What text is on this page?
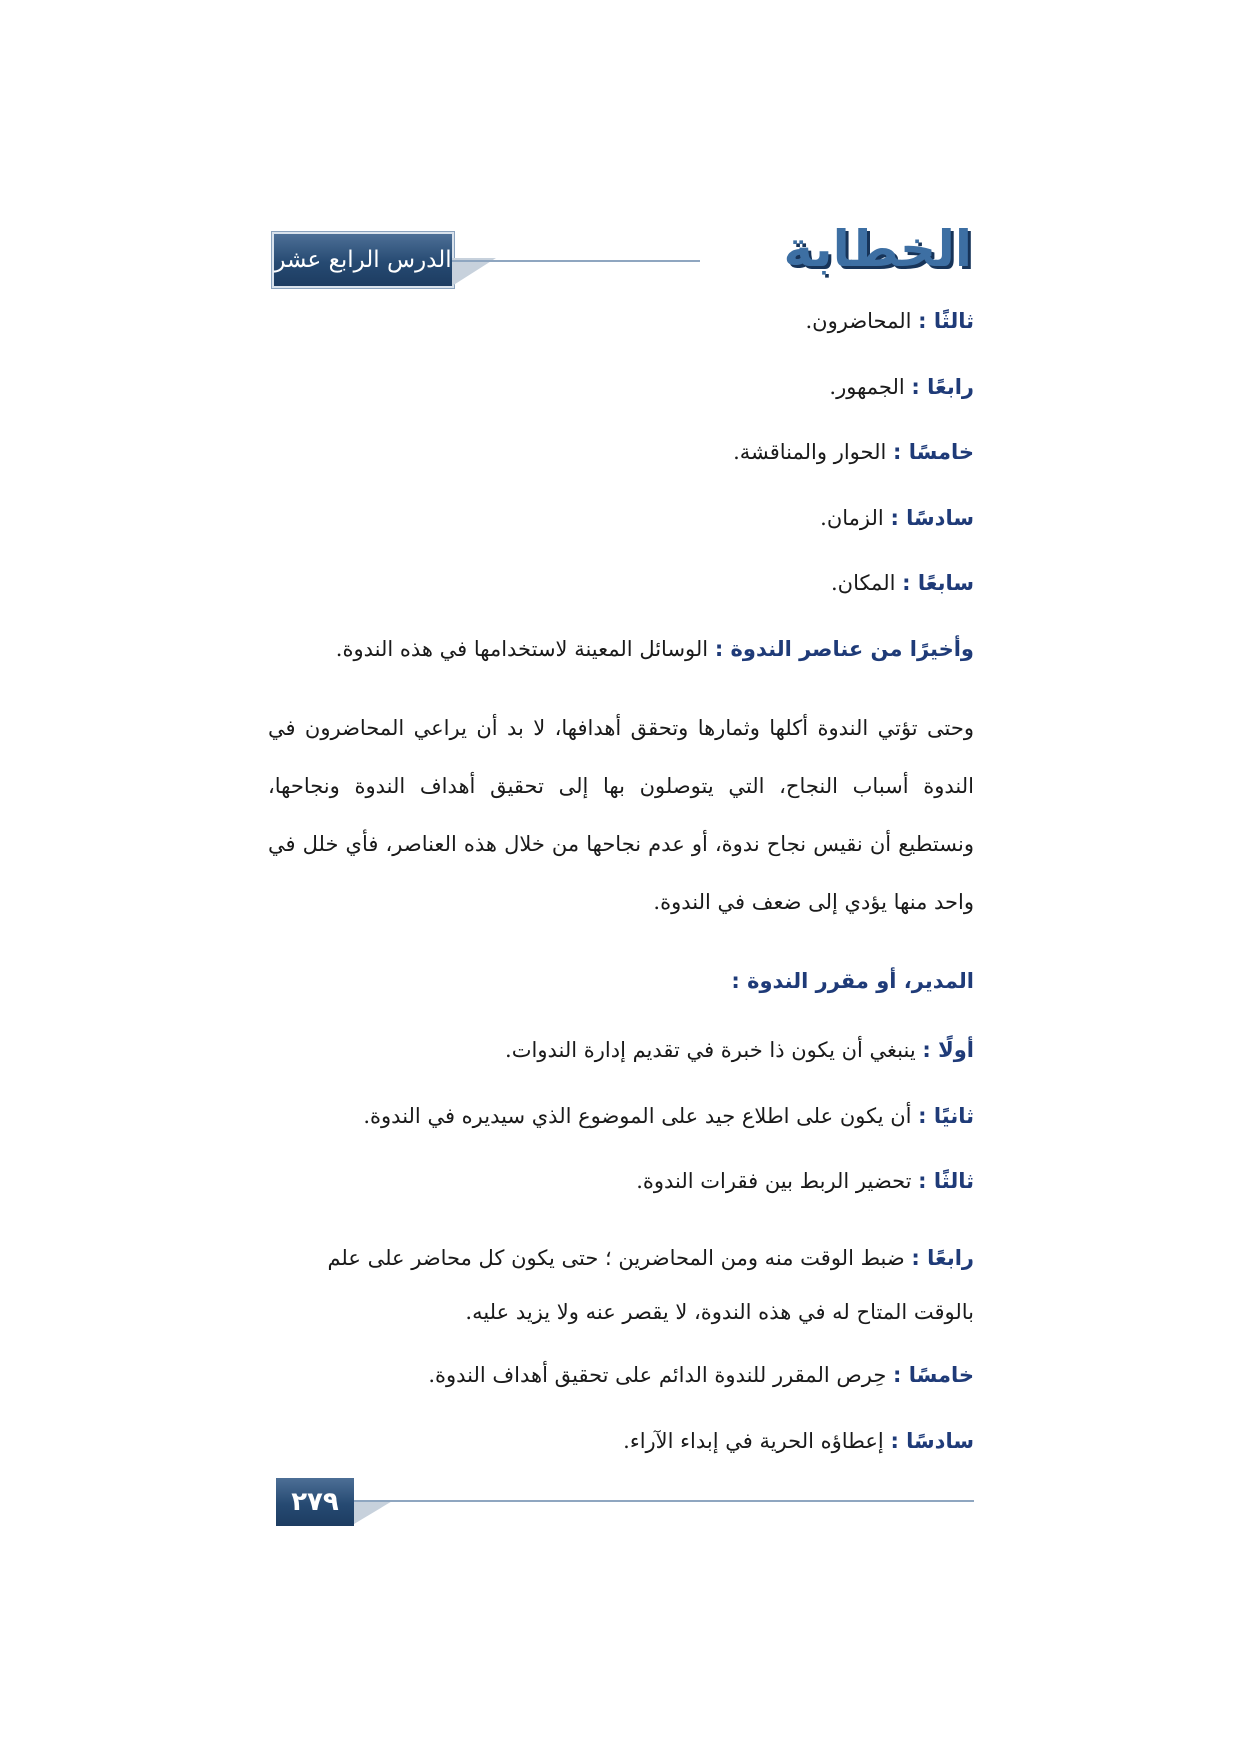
الدرس الرابع عشر	الخطابة
ثالثًا : المحاضرون.
رابعًا : الجمهور.
خامسًا : الحوار والمناقشة.
سادسًا : الزمان.
سابعًا : المكان.
وأخيرًا من عناصر الندوة : الوسائل المعينة لاستخدامها في هذه الندوة.

وحتى تؤتي الندوة أكلها وثمارها وتحقق أهدافها، لا بد أن يراعي المحاضرون في الندوة أسباب النجاح، التي يتوصلون بها إلى تحقيق أهداف الندوة ونجاحها، ونستطيع أن نقيس نجاح ندوة، أو عدم نجاحها من خلال هذه العناصر، فأي خلل في واحد منها يؤدي إلى ضعف في الندوة.

المدير، أو مقرر الندوة :
أولًا : ينبغي أن يكون ذا خبرة في تقديم إدارة الندوات.
ثانيًا : أن يكون على اطلاع جيد على الموضوع الذي سيديره في الندوة.
ثالثًا : تحضير الربط بين فقرات الندوة.
رابعًا : ضبط الوقت منه ومن المحاضرين ؛ حتى يكون كل محاضر على علم بالوقت المتاح له في هذه الندوة، لا يقصر عنه ولا يزيد عليه.
خامسًا : حِرص المقرر للندوة الدائم على تحقيق أهداف الندوة.
سادسًا : إعطاؤه الحرية في إبداء الآراء.
٢٧٩
